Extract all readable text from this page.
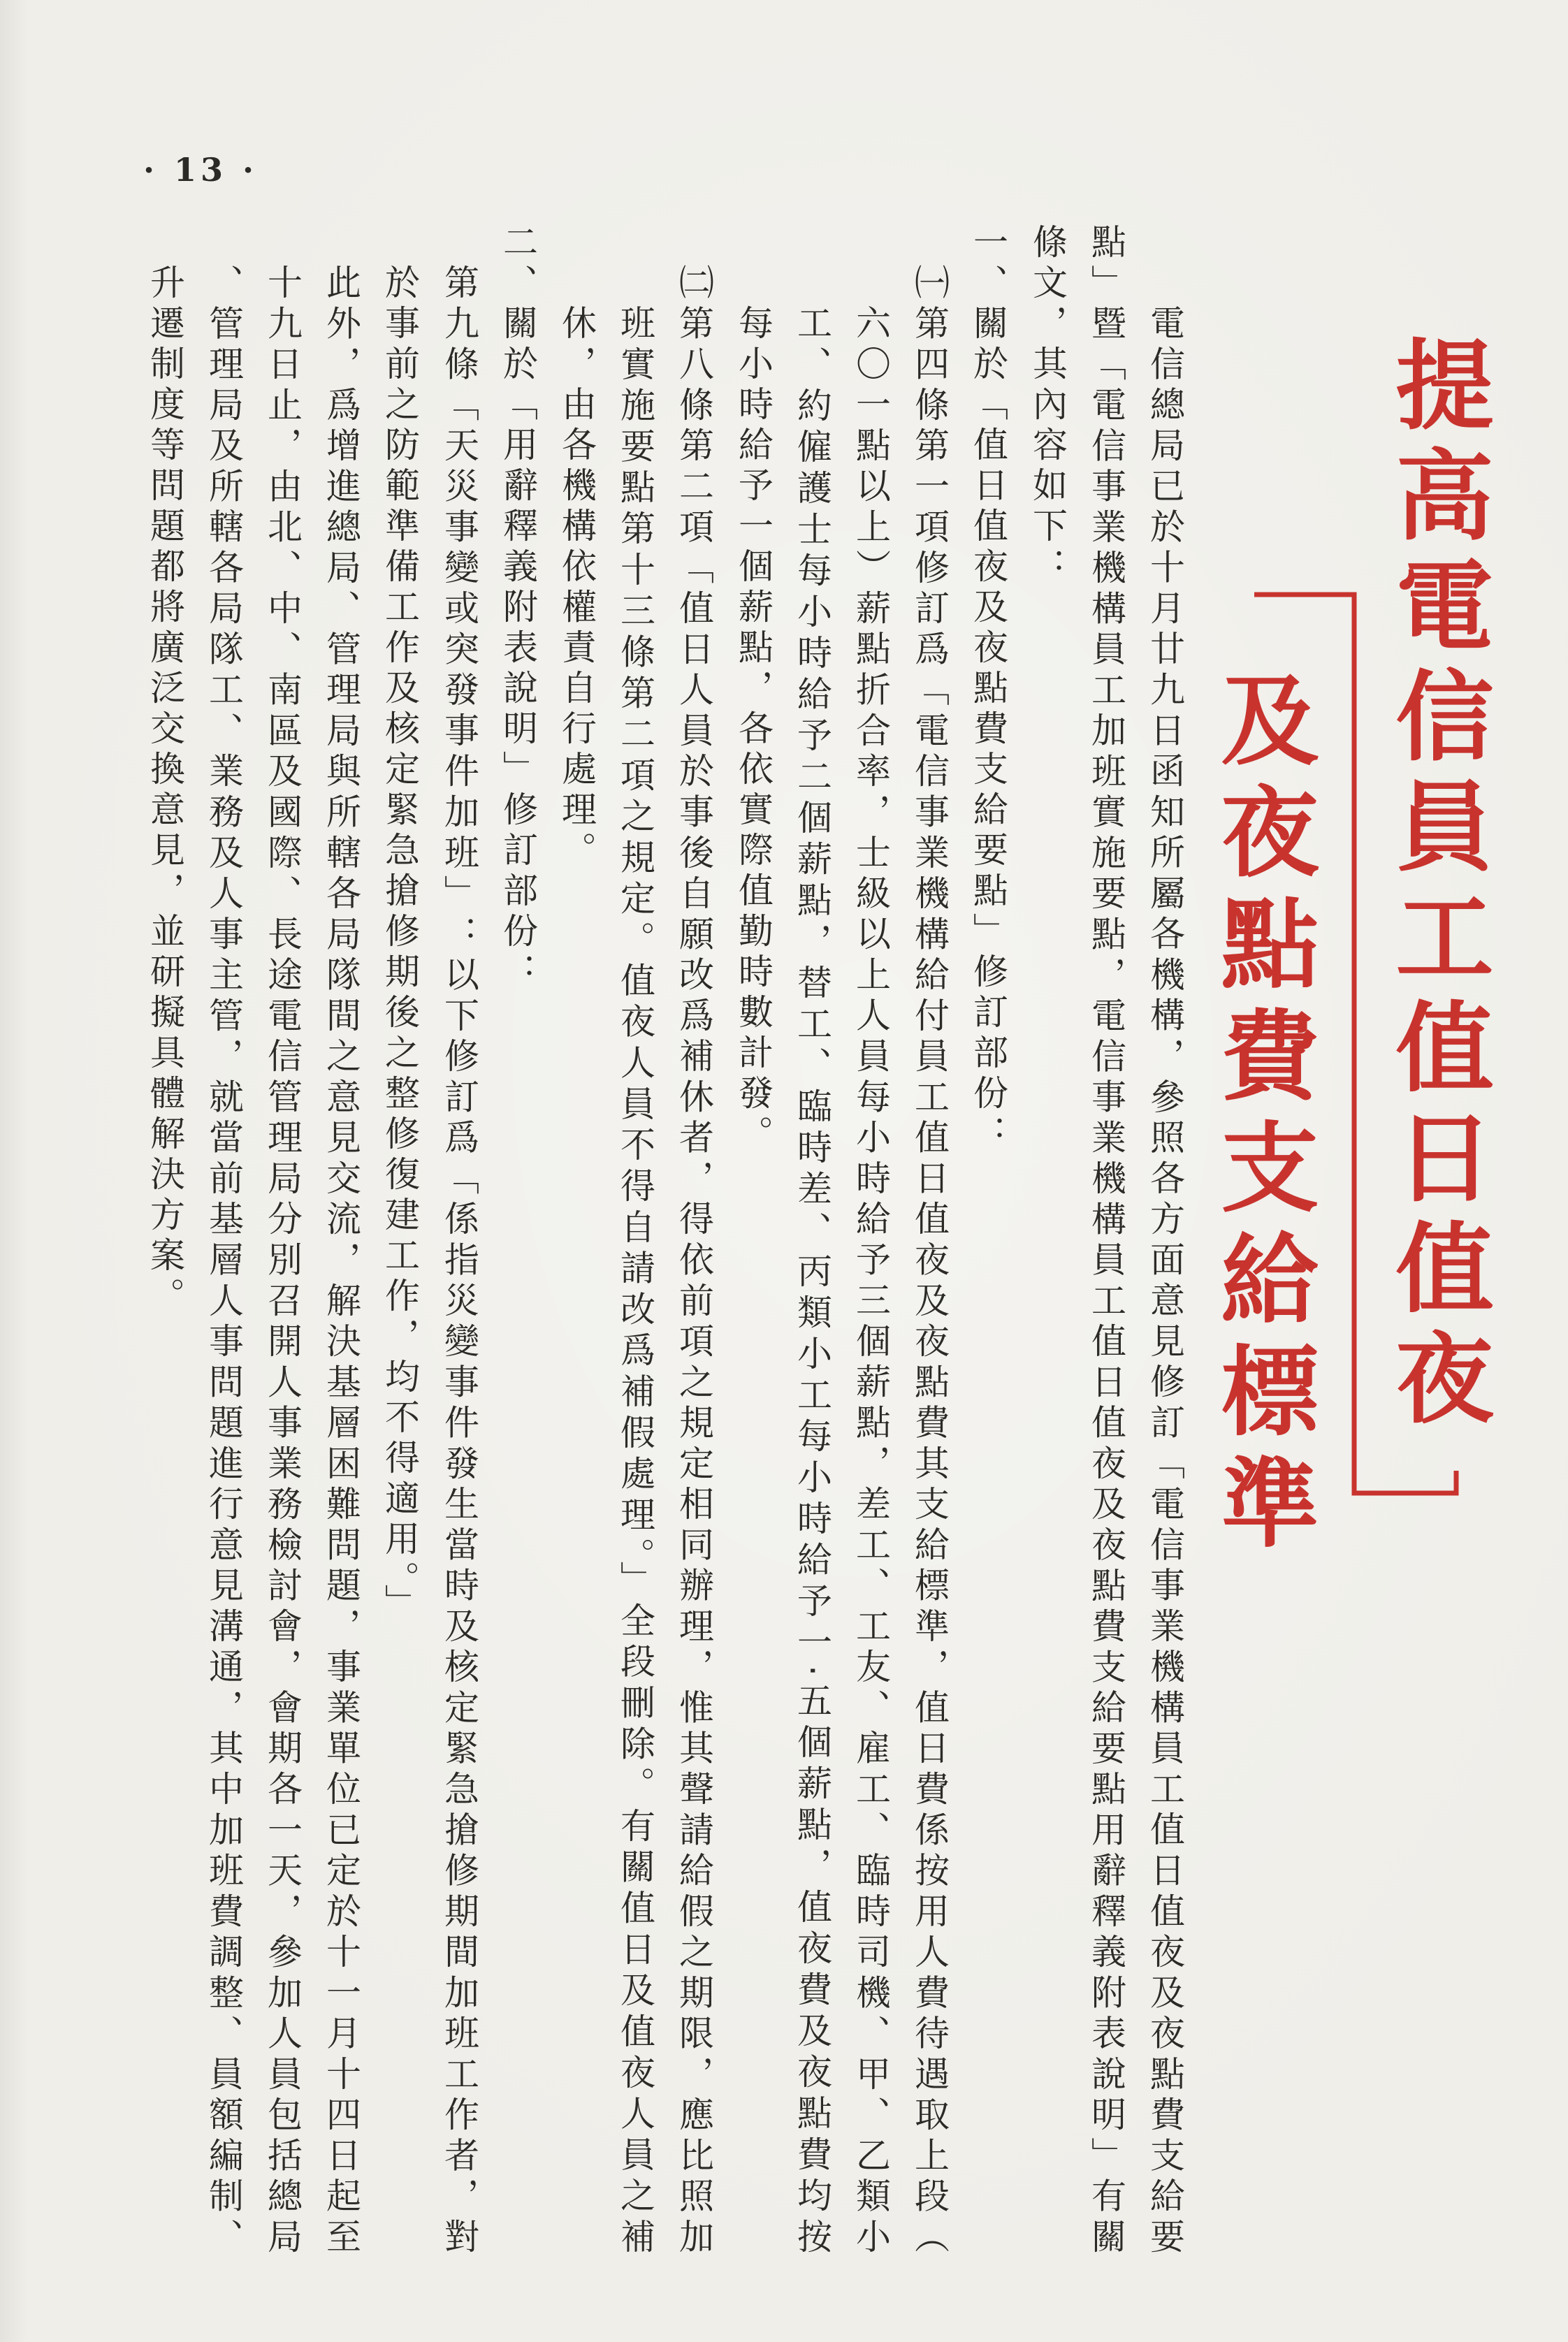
· 13 ·
提高電信員工值日值夜
及夜點費支給標準
電信總局已於十月廿九日函知所屬各機構，參照各方面意見修訂「電信事業機構員工值日值夜及夜點費支給要
點」暨「電信事業機構員工加班實施要點，電信事業機構員工值日值夜及夜點費支給要點用辭釋義附表說明」有關
條文，其內容如下：
一、關於「值日值夜及夜點費支給要點」修訂部份：
㈠第四條第一項修訂爲「電信事業機構給付員工值日值夜及夜點費其支給標準，值日費係按用人費待遇取上段（
六〇一點以上）薪點折合率，士級以上人員每小時給予三個薪點，差工、工友、雇工、臨時司機、甲、乙類小
工、約僱護士每小時給予二個薪點，替工、臨時差、丙類小工每小時給予一‧五個薪點，值夜費及夜點費均按
每小時給予一個薪點，各依實際值勤時數計發。
㈡第八條第二項「值日人員於事後自願改爲補休者，得依前項之規定相同辦理，惟其聲請給假之期限，應比照加
班實施要點第十三條第二項之規定。值夜人員不得自請改爲補假處理。」全段刪除。有關值日及值夜人員之補
休，由各機構依權責自行處理。
二、關於「用辭釋義附表說明」修訂部份：
第九條「天災事變或突發事件加班」：以下修訂爲「係指災變事件發生當時及核定緊急搶修期間加班工作者，對
於事前之防範準備工作及核定緊急搶修期後之整修復建工作，均不得適用。」
此外，爲增進總局、管理局與所轄各局隊間之意見交流，解決基層困難問題，事業單位已定於十一月十四日起至
十九日止，由北、中、南區及國際、長途電信管理局分別召開人事業務檢討會，會期各一天，參加人員包括總局
、管理局及所轄各局隊工、業務及人事主管，就當前基層人事問題進行意見溝通，其中加班費調整、員額編制、
升遷制度等問題都將廣泛交換意見，並研擬具體解決方案。
